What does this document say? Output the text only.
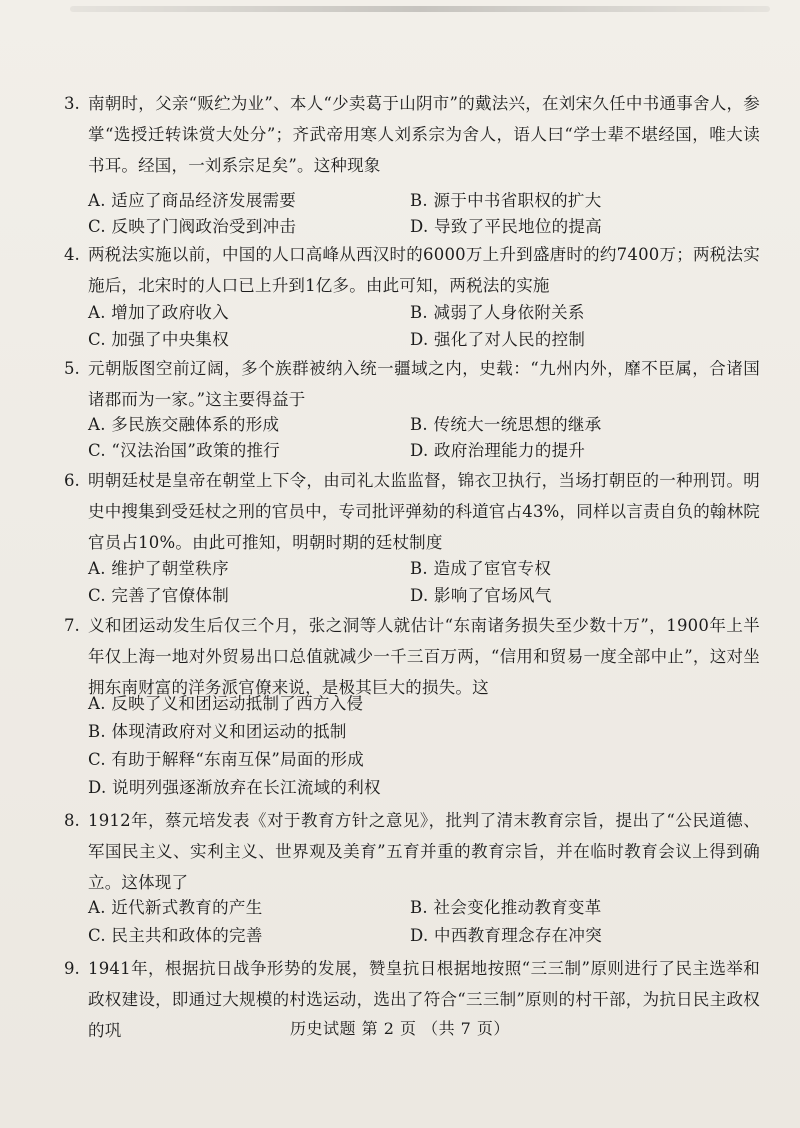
3. 南朝时，父亲“贩纻为业”、本人“少卖葛于山阴市”的戴法兴，在刘宋久任中书通事舍人，参掌“选授迁转诛赏大处分”；齐武帝用寒人刘系宗为舍人，语人曰“学士辈不堪经国，唯大读书耳。经国，一刘系宗足矣”。这种现象
A. 适应了商品经济发展需要	B. 源于中书省职权的扩大
C. 反映了门阀政治受到冲击	D. 导致了平民地位的提高
4. 两税法实施以前，中国的人口高峰从西汉时的6000万上升到盛唐时的约7400万；两税法实施后，北宋时的人口已上升到1亿多。由此可知，两税法的实施
A. 增加了政府收入	B. 减弱了人身依附关系
C. 加强了中央集权	D. 强化了对人民的控制
5. 元朝版图空前辽阔，多个族群被纳入统一疆域之内，史载：“九州内外，靡不臣属，合诸国诸郡而为一家。”这主要得益于
A. 多民族交融体系的形成	B. 传统大一统思想的继承
C. “汉法治国”政策的推行	D. 政府治理能力的提升
6. 明朝廷杖是皇帝在朝堂上下令，由司礼太监监督，锦衣卫执行，当场打朝臣的一种刑罚。明史中搜集到受廷杖之刑的官员中，专司批评弹劾的科道官占43%，同样以言责自负的翰林院官员占10%。由此可推知，明朝时期的廷杖制度
A. 维护了朝堂秩序	B. 造成了宦官专权
C. 完善了官僚体制	D. 影响了官场风气
7. 义和团运动发生后仅三个月，张之洞等人就估计“东南诸务损失至少数十万”，1900年上半年仅上海一地对外贸易出口总值就减少一千三百万两，“信用和贸易一度全部中止”，这对坐拥东南财富的洋务派官僚来说，是极其巨大的损失。这
A. 反映了义和团运动抵制了西方入侵
B. 体现清政府对义和团运动的抵制
C. 有助于解释“东南互保”局面的形成
D. 说明列强逐渐放弃在长江流域的利权
8. 1912年，蔡元培发表《对于教育方针之意见》，批判了清末教育宗旨，提出了“公民道德、军国民主义、实利主义、世界观及美育”五育并重的教育宗旨，并在临时教育会议上得到确立。这体现了
A. 近代新式教育的产生	B. 社会变化推动教育变革
C. 民主共和政体的完善	D. 中西教育理念存在冲突
9. 1941年，根据抗日战争形势的发展，赞皇抗日根据地按照“三三制”原则进行了民主选举和政权建设，即通过大规模的村选运动，选出了符合“三三制”原则的村干部，为抗日民主政权的巩	历史试题 第 2 页 （共 7 页）
